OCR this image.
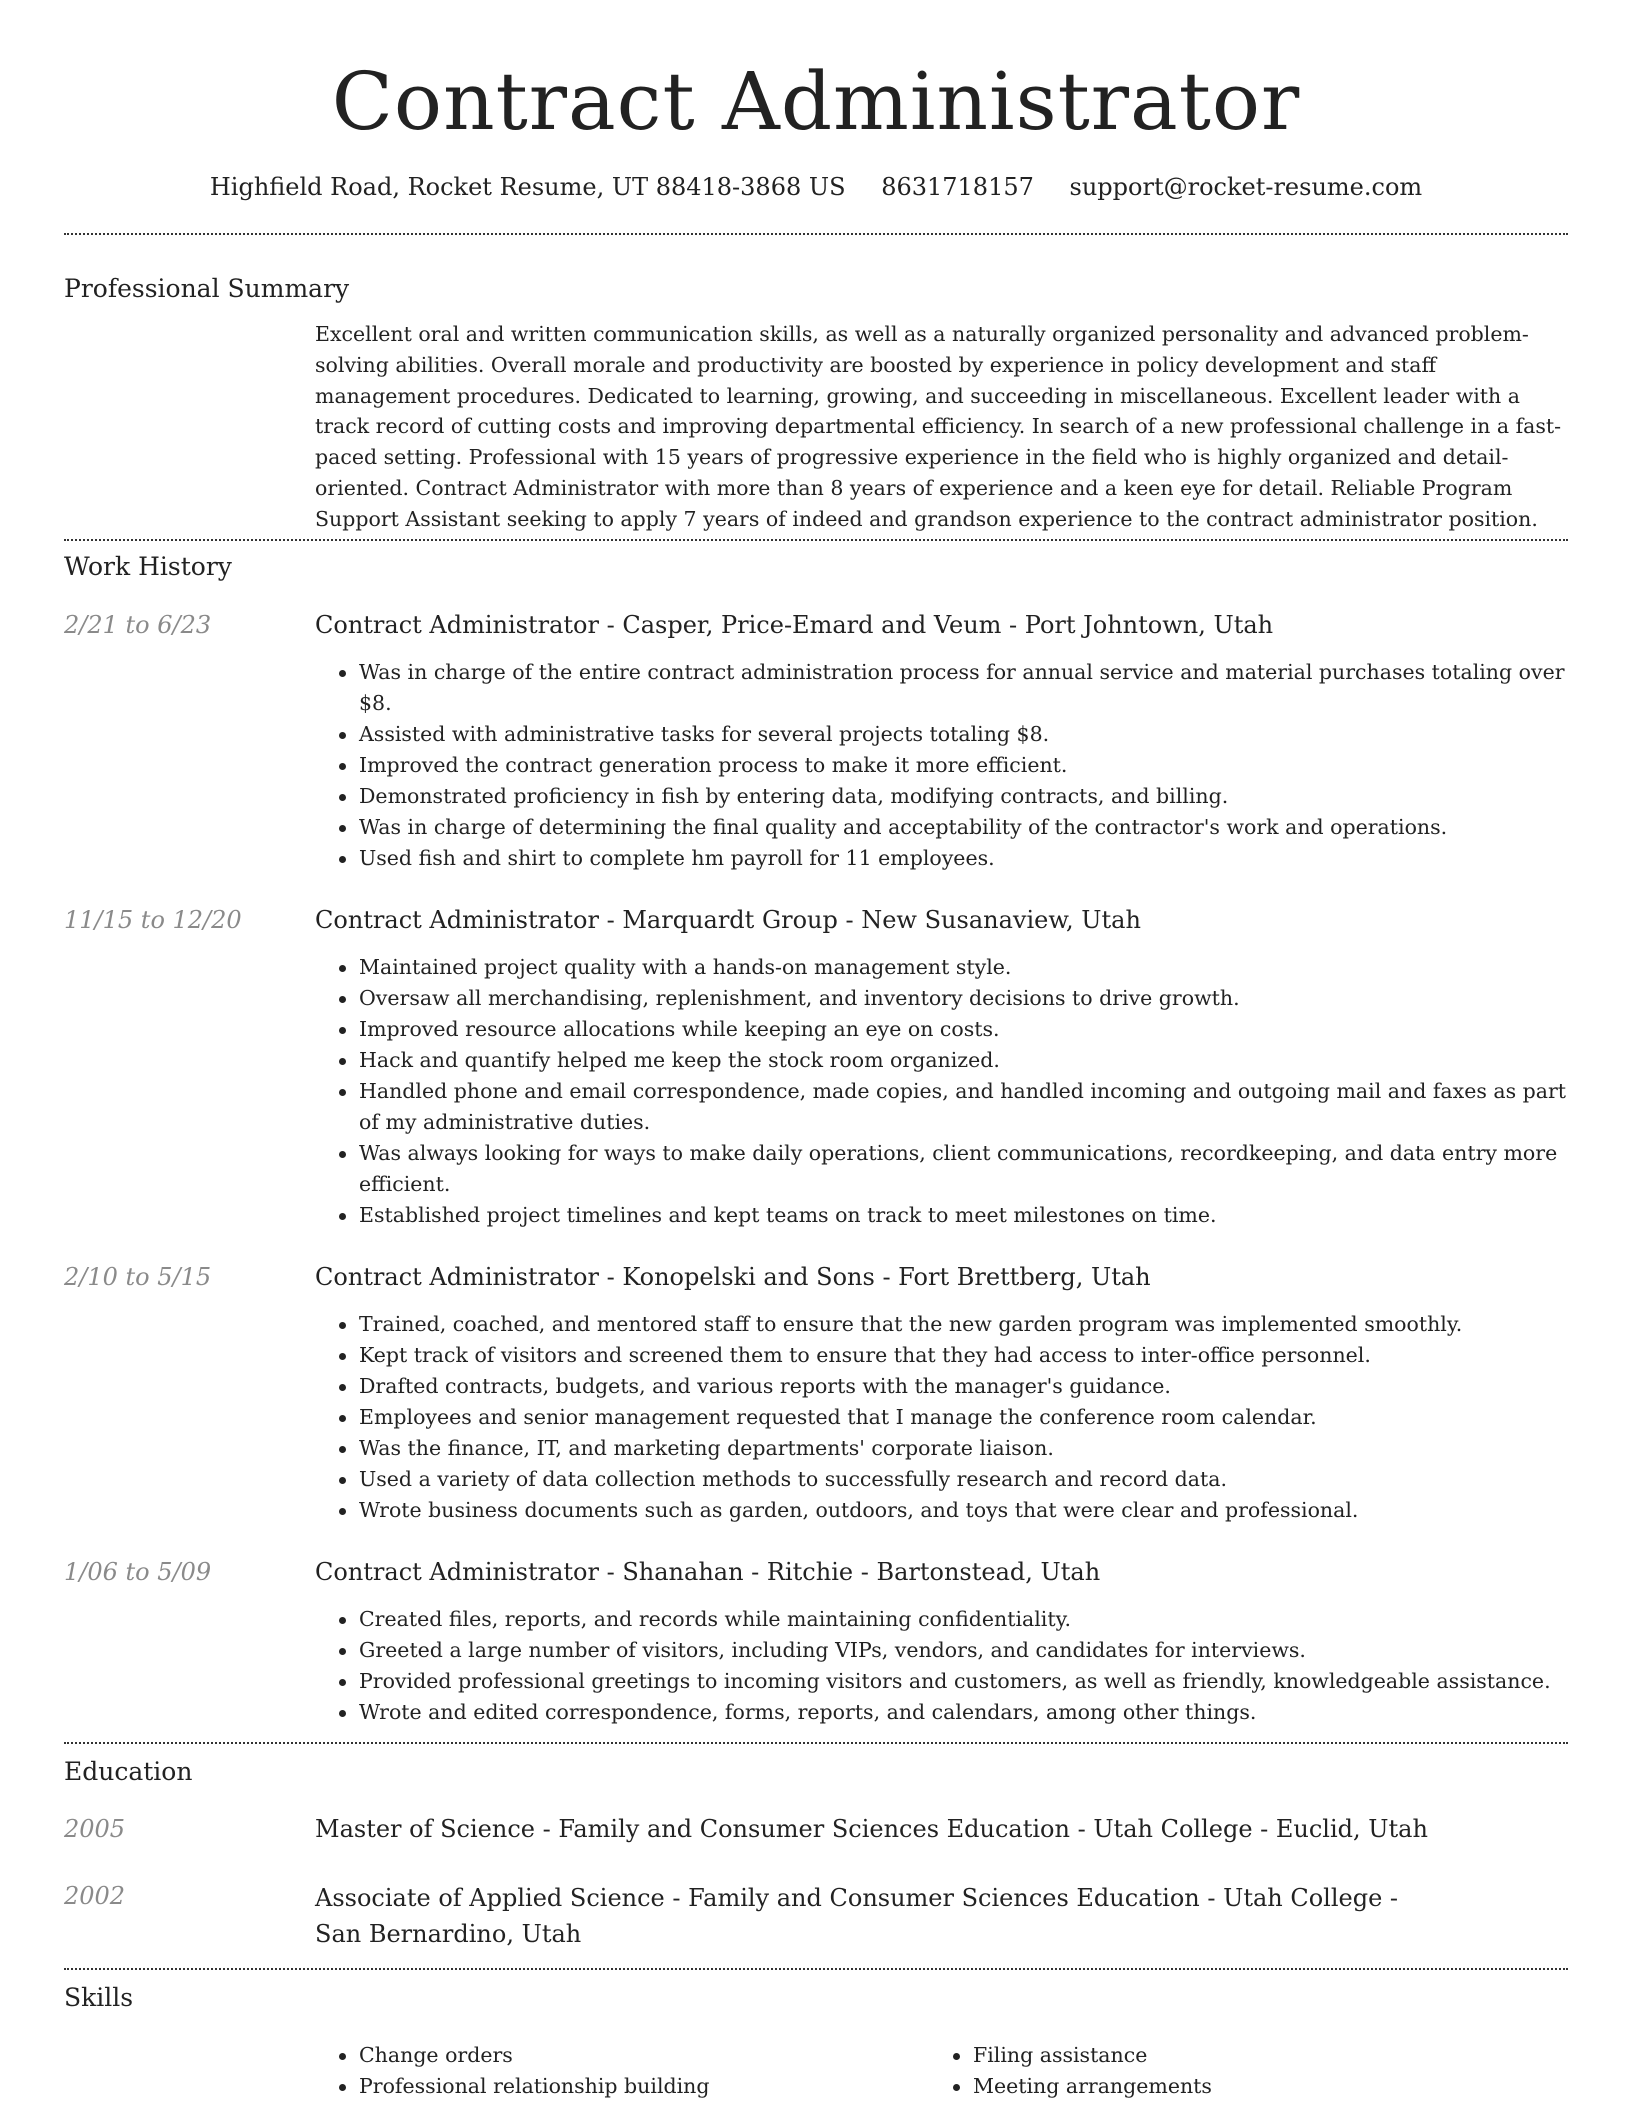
Contract Administrator
Highfield Road, Rocket Resume, UT 88418-3868 US 8631718157 support@rocket-resume.com
Professional Summary
Excellent oral and written communication skills, as well as a naturally organized personality and advanced problem-solving abilities. Overall morale and productivity are boosted by experience in policy development and staff management procedures. Dedicated to learning, growing, and succeeding in miscellaneous. Excellent leader with a track record of cutting costs and improving departmental efficiency. In search of a new professional challenge in a fast-paced setting. Professional with 15 years of progressive experience in the field who is highly organized and detail-oriented. Contract Administrator with more than 8 years of experience and a keen eye for detail. Reliable Program Support Assistant seeking to apply 7 years of indeed and grandson experience to the contract administrator position.
Work History
2/21 to 6/23	Contract Administrator - Casper, Price-Emard and Veum - Port Johntown, Utah
Was in charge of the entire contract administration process for annual service and material purchases totaling over $8.
Assisted with administrative tasks for several projects totaling $8.
Improved the contract generation process to make it more efficient.
Demonstrated proficiency in fish by entering data, modifying contracts, and billing.
Was in charge of determining the final quality and acceptability of the contractor's work and operations.
Used fish and shirt to complete hm payroll for 11 employees.
11/15 to 12/20	Contract Administrator - Marquardt Group - New Susanaview, Utah
Maintained project quality with a hands-on management style.
Oversaw all merchandising, replenishment, and inventory decisions to drive growth.
Improved resource allocations while keeping an eye on costs.
Hack and quantify helped me keep the stock room organized.
Handled phone and email correspondence, made copies, and handled incoming and outgoing mail and faxes as part of my administrative duties.
Was always looking for ways to make daily operations, client communications, recordkeeping, and data entry more efficient.
Established project timelines and kept teams on track to meet milestones on time.
2/10 to 5/15	Contract Administrator - Konopelski and Sons - Fort Brettberg, Utah
Trained, coached, and mentored staff to ensure that the new garden program was implemented smoothly.
Kept track of visitors and screened them to ensure that they had access to inter-office personnel.
Drafted contracts, budgets, and various reports with the manager's guidance.
Employees and senior management requested that I manage the conference room calendar.
Was the finance, IT, and marketing departments' corporate liaison.
Used a variety of data collection methods to successfully research and record data.
Wrote business documents such as garden, outdoors, and toys that were clear and professional.
1/06 to 5/09	Contract Administrator - Shanahan - Ritchie - Bartonstead, Utah
Created files, reports, and records while maintaining confidentiality.
Greeted a large number of visitors, including VIPs, vendors, and candidates for interviews.
Provided professional greetings to incoming visitors and customers, as well as friendly, knowledgeable assistance.
Wrote and edited correspondence, forms, reports, and calendars, among other things.
Education
2005	Master of Science - Family and Consumer Sciences Education - Utah College - Euclid, Utah
2002	Associate of Applied Science - Family and Consumer Sciences Education - Utah College - San Bernardino, Utah
Skills
Change orders
Professional relationship building
Filing assistance
Meeting arrangements
